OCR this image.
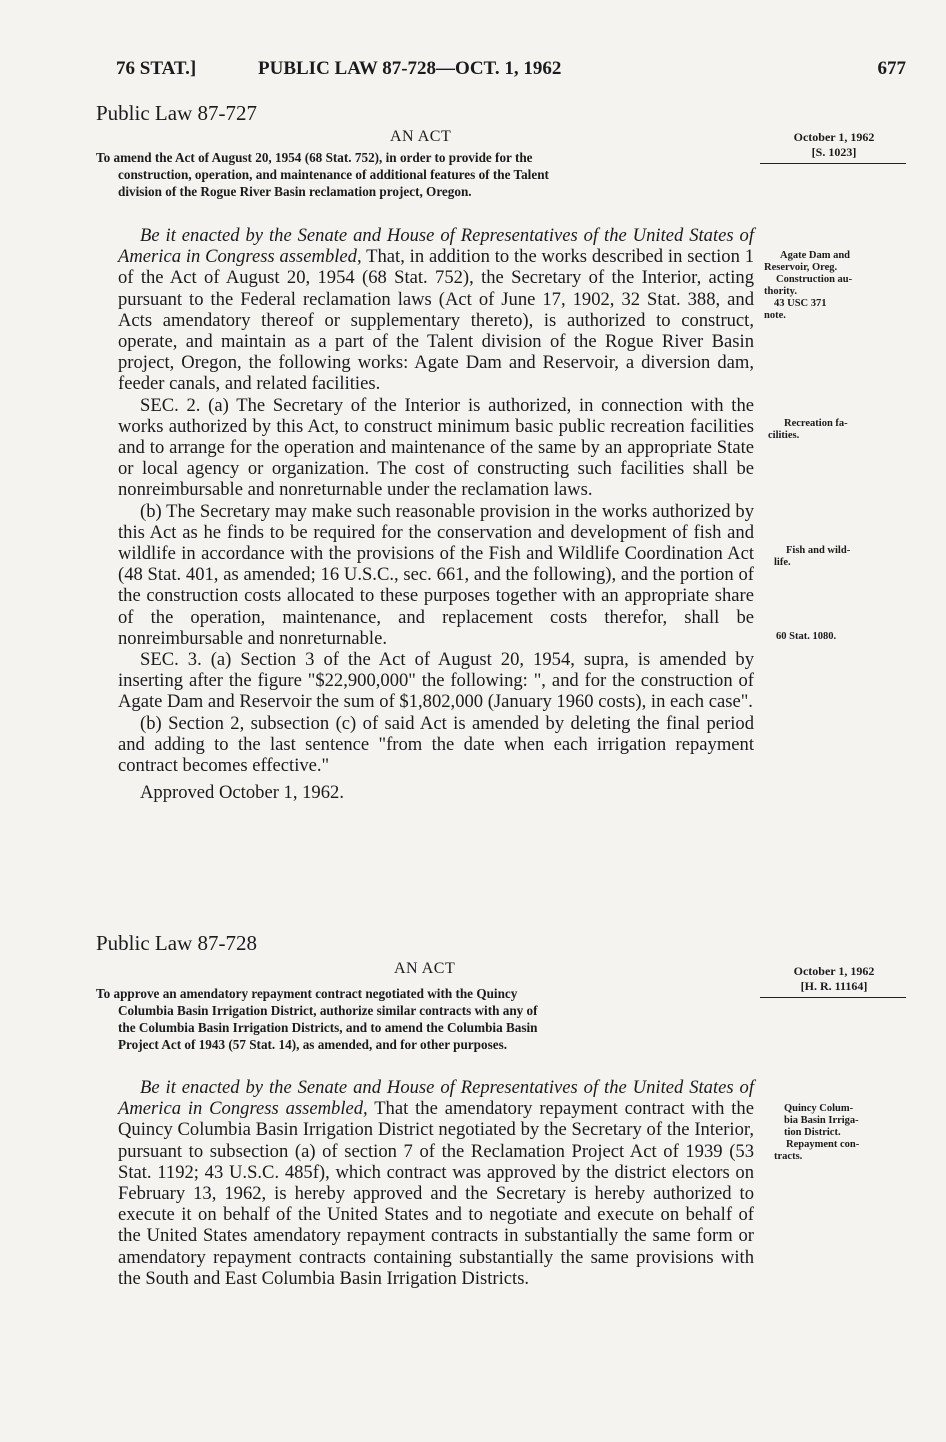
76 STAT.]	PUBLIC LAW 87-728—OCT. 1, 1962	677
Public Law 87-727
AN ACT
To amend the Act of August 20, 1954 (68 Stat. 752), in order to provide for the
construction, operation, and maintenance of additional features of the Talent
division of the Rogue River Basin reclamation project, Oregon.
October 1, 1962
[S. 1023]

Be it enacted by the Senate and House of Representatives of the United States of America in Congress assembled, That, in addition to the works described in section 1 of the Act of August 20, 1954 (68 Stat. 752), the Secretary of the Interior, acting pursuant to the Federal reclamation laws (Act of June 17, 1902, 32 Stat. 388, and Acts amendatory thereof or supplementary thereto), is authorized to construct, operate, and maintain as a part of the Talent division of the Rogue River Basin project, Oregon, the following works: Agate Dam and Reservoir, a diversion dam, feeder canals, and related facilities.

SEC. 2. (a) The Secretary of the Interior is authorized, in connection with the works authorized by this Act, to construct minimum basic public recreation facilities and to arrange for the operation and maintenance of the same by an appropriate State or local agency or organization. The cost of constructing such facilities shall be nonreimbursable and nonreturnable under the reclamation laws.

(b) The Secretary may make such reasonable provision in the works authorized by this Act as he finds to be required for the conservation and development of fish and wildlife in accordance with the provisions of the Fish and Wildlife Coordination Act (48 Stat. 401, as amended; 16 U.S.C., sec. 661, and the following), and the portion of the construction costs allocated to these purposes together with an appropriate share of the operation, maintenance, and replacement costs therefor, shall be nonreimbursable and nonreturnable.

SEC. 3. (a) Section 3 of the Act of August 20, 1954, supra, is amended by inserting after the figure "$22,900,000" the following: ", and for the construction of Agate Dam and Reservoir the sum of $1,802,000 (January 1960 costs), in each case".

(b) Section 2, subsection (c) of said Act is amended by deleting the final period and adding to the last sentence "from the date when each irrigation repayment contract becomes effective."

Approved October 1, 1962.

Agate Dam and
Reservoir, Oreg.
Construction au-
thority.
43 USC 371
note.
Recreation fa-
cilities.
Fish and wild-
life.
60 Stat. 1080.
Public Law 87-728
AN ACT
To approve an amendatory repayment contract negotiated with the Quincy
Columbia Basin Irrigation District, authorize similar contracts with any of
the Columbia Basin Irrigation Districts, and to amend the Columbia Basin
Project Act of 1943 (57 Stat. 14), as amended, and for other purposes.
October 1, 1962
[H. R. 11164]

Be it enacted by the Senate and House of Representatives of the United States of America in Congress assembled, That the amendatory repayment contract with the Quincy Columbia Basin Irrigation District negotiated by the Secretary of the Interior, pursuant to subsection (a) of section 7 of the Reclamation Project Act of 1939 (53 Stat. 1192; 43 U.S.C. 485f), which contract was approved by the district electors on February 13, 1962, is hereby approved and the Secretary is hereby authorized to execute it on behalf of the United States and to negotiate and execute on behalf of the United States amendatory repayment contracts in substantially the same form or amendatory repayment contracts containing substantially the same provisions with the South and East Columbia Basin Irrigation Districts.

Quincy Colum-
bia Basin Irriga-
tion District.
Repayment con-
tracts.
